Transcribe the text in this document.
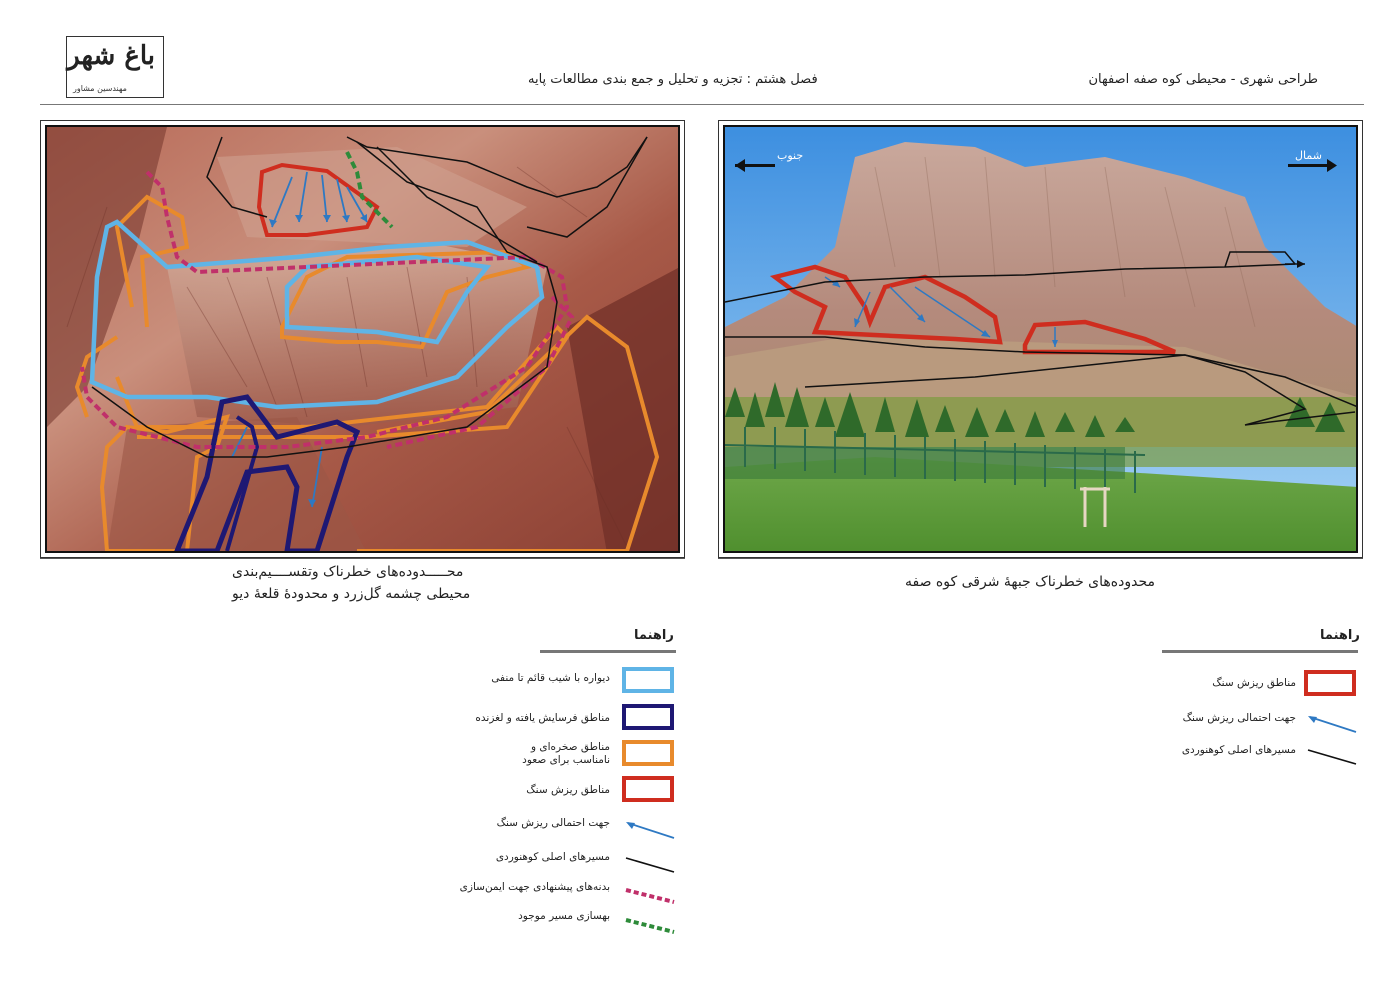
باغ شهر
مهندسین مشاور
فصل هشتم : تجزیه و تحلیل و جمع بندی مطالعات پایه	طراحی شهری - محیطی کوه صفه اصفهان
محـــــدوده‌های خطرناک وتقســــیم‌بندی
محیطی چشمه گل‌زرد و محدودهٔ قلعهٔ دیو
جنوب	شمال
محدوده‌های خطرناک جبههٔ شرقی کوه صفه
راهنما
دیواره با شیب قائم تا منفی
مناطق فرسایش یافته و لغزنده
مناطق صخره‌ای و نامناسب برای صعود
مناطق ریزش سنگ
جهت احتمالی ریزش سنگ
مسیرهای اصلی کوهنوردی
بدنه‌های پیشنهادی جهت ایمن‌سازی
بهسازی مسیر موجود
راهنما
مناطق ریزش سنگ
جهت احتمالی ریزش سنگ
مسیرهای اصلی کوهنوردی
